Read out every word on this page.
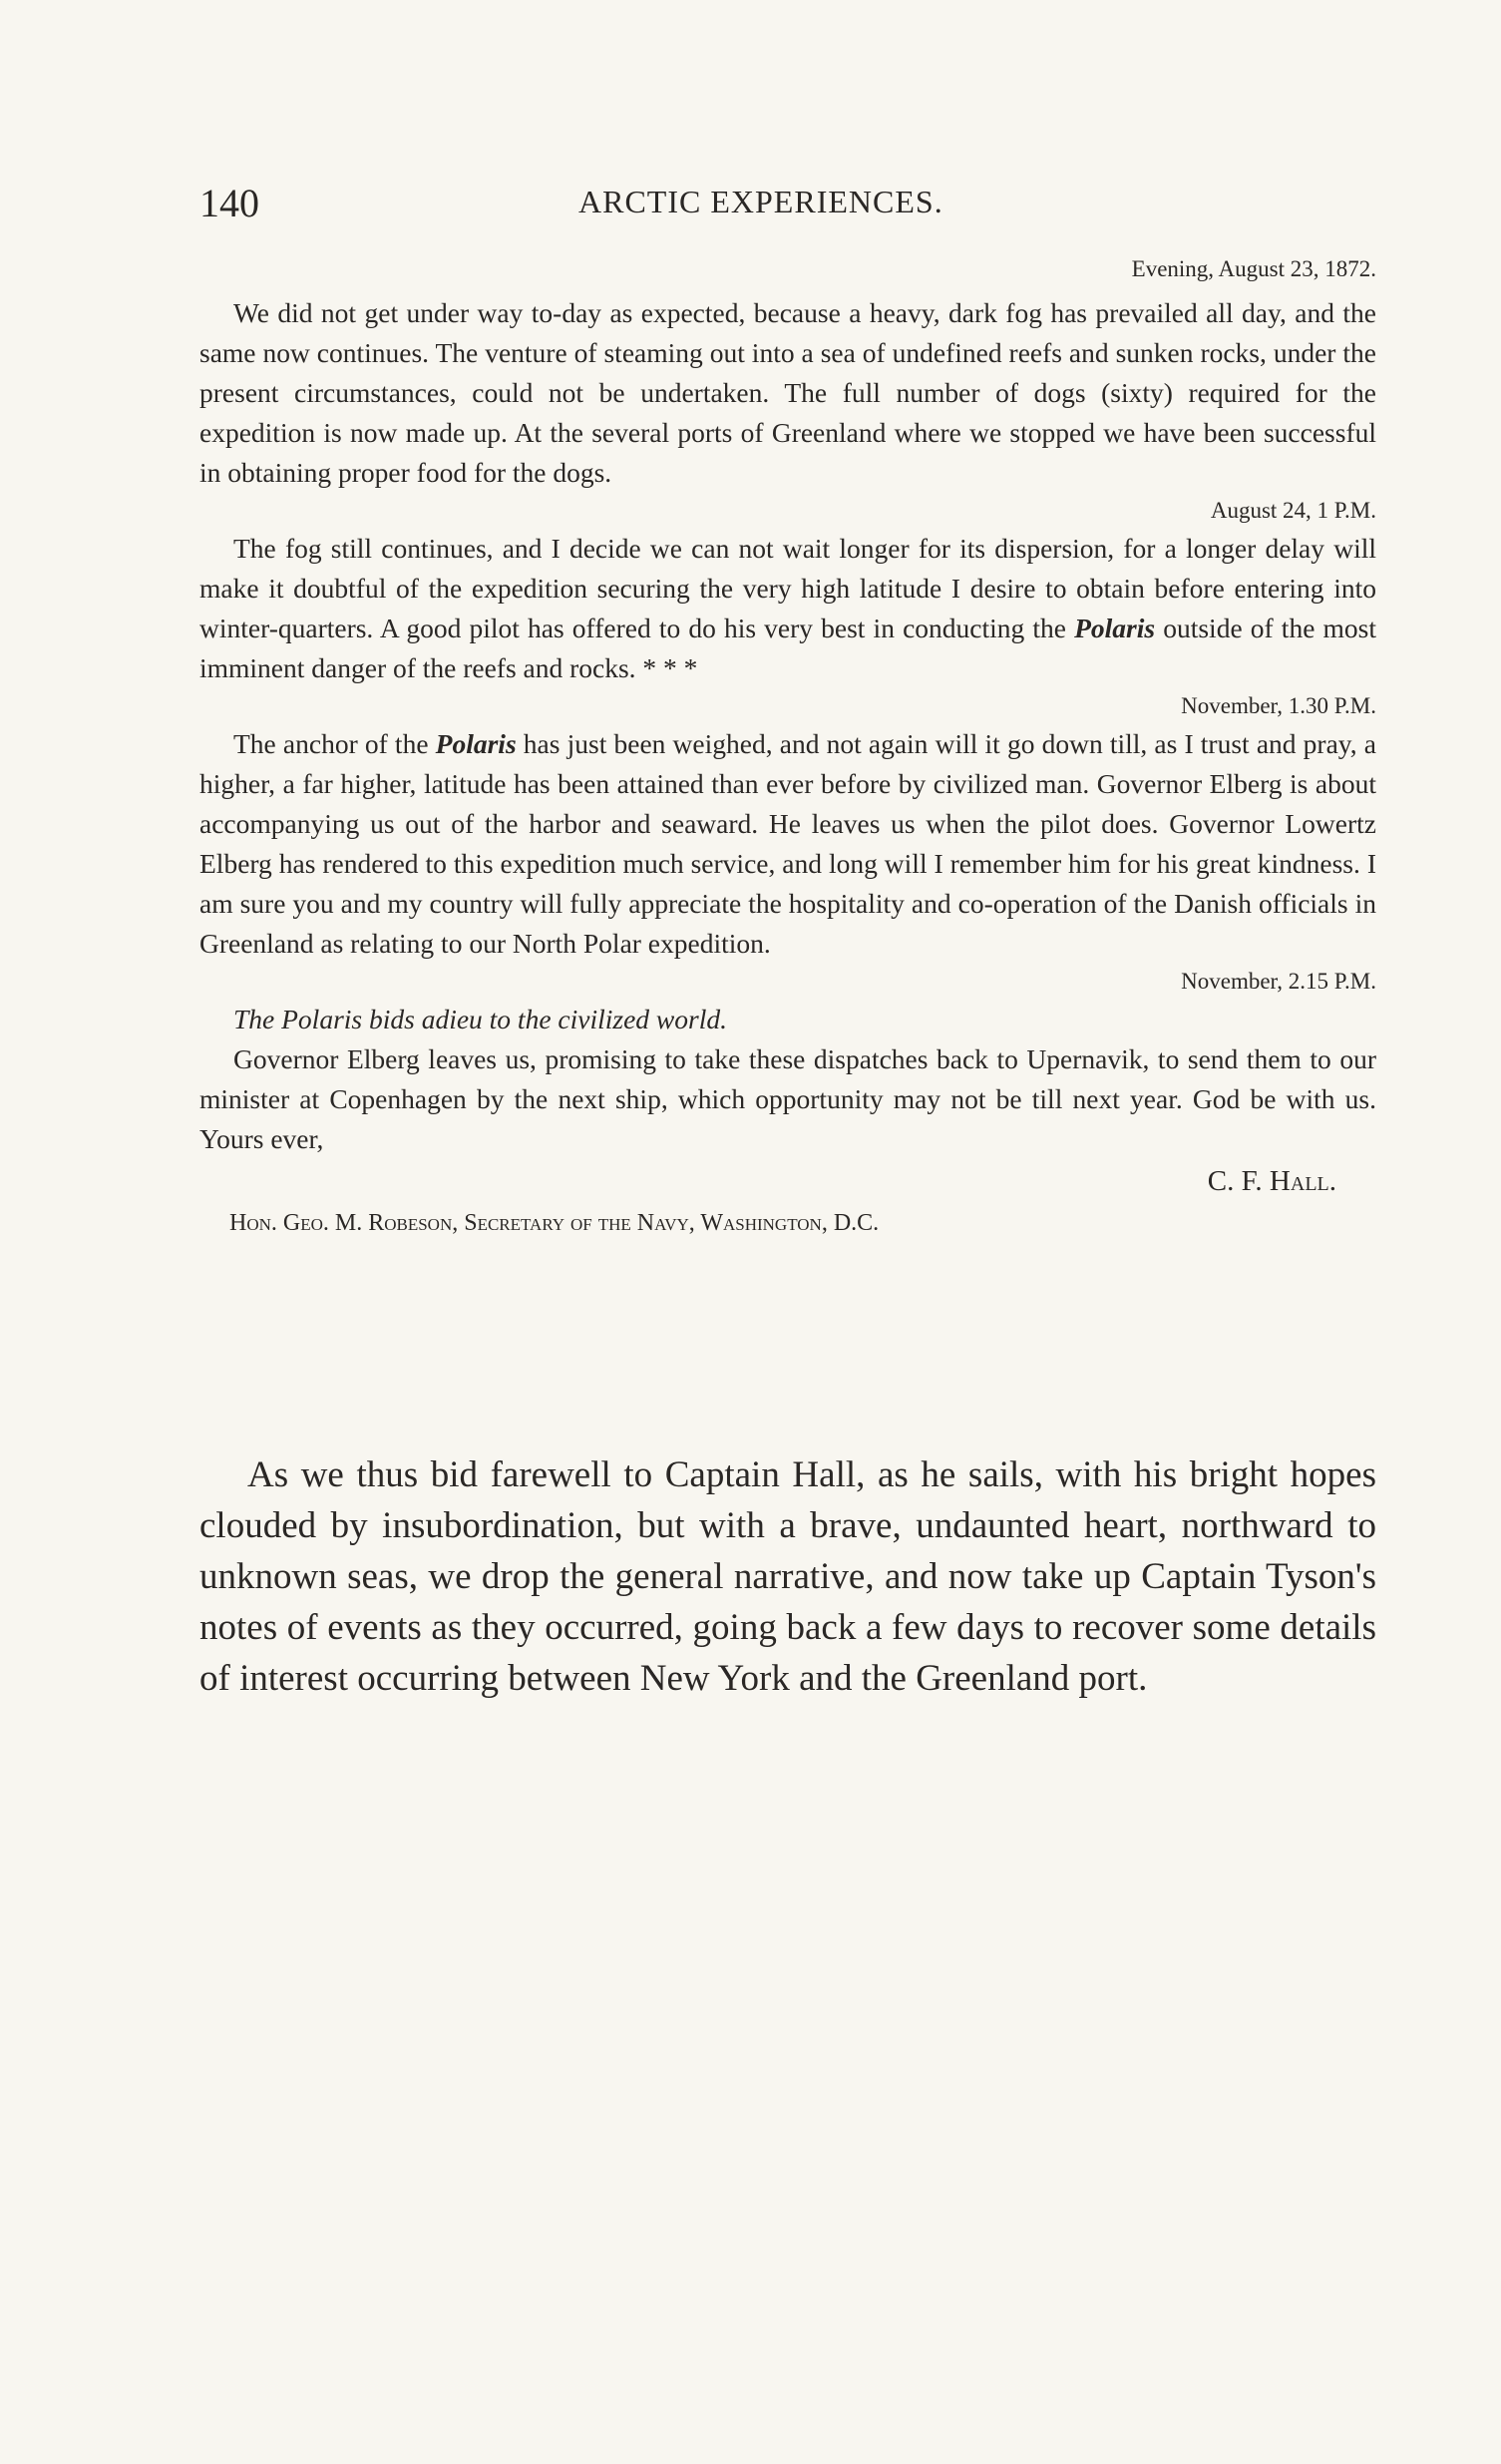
140	ARCTIC EXPERIENCES.
Evening, August 23, 1872.

We did not get under way to-day as expected, because a heavy, dark fog has prevailed all day, and the same now continues. The venture of steaming out into a sea of undefined reefs and sunken rocks, under the present circumstances, could not be undertaken. The full number of dogs (sixty) required for the expedition is now made up. At the several ports of Greenland where we stopped we have been successful in obtaining proper food for the dogs.

August 24, 1 P.M.

The fog still continues, and I decide we can not wait longer for its dispersion, for a longer delay will make it doubtful of the expedition securing the very high latitude I desire to obtain before entering into winter-quarters. A good pilot has offered to do his very best in conducting the Polaris outside of the most imminent danger of the reefs and rocks. * * *

November, 1.30 P.M.

The anchor of the Polaris has just been weighed, and not again will it go down till, as I trust and pray, a higher, a far higher, latitude has been attained than ever before by civilized man. Governor Elberg is about accompanying us out of the harbor and seaward. He leaves us when the pilot does. Governor Lowertz Elberg has rendered to this expedition much service, and long will I remember him for his great kindness. I am sure you and my country will fully appreciate the hospitality and co-operation of the Danish officials in Greenland as relating to our North Polar expedition.

November, 2.15 P.M.

The Polaris bids adieu to the civilized world.

Governor Elberg leaves us, promising to take these dispatches back to Upernavik, to send them to our minister at Copenhagen by the next ship, which opportunity may not be till next year. God be with us. Yours ever,

C. F. Hall.
Hon. Geo. M. Robeson, Secretary of the Navy, Washington, D.C.

As we thus bid farewell to Captain Hall, as he sails, with his bright hopes clouded by insubordination, but with a brave, undaunted heart, northward to unknown seas, we drop the general narrative, and now take up Captain Tyson's notes of events as they occurred, going back a few days to recover some details of interest occurring between New York and the Greenland port.
